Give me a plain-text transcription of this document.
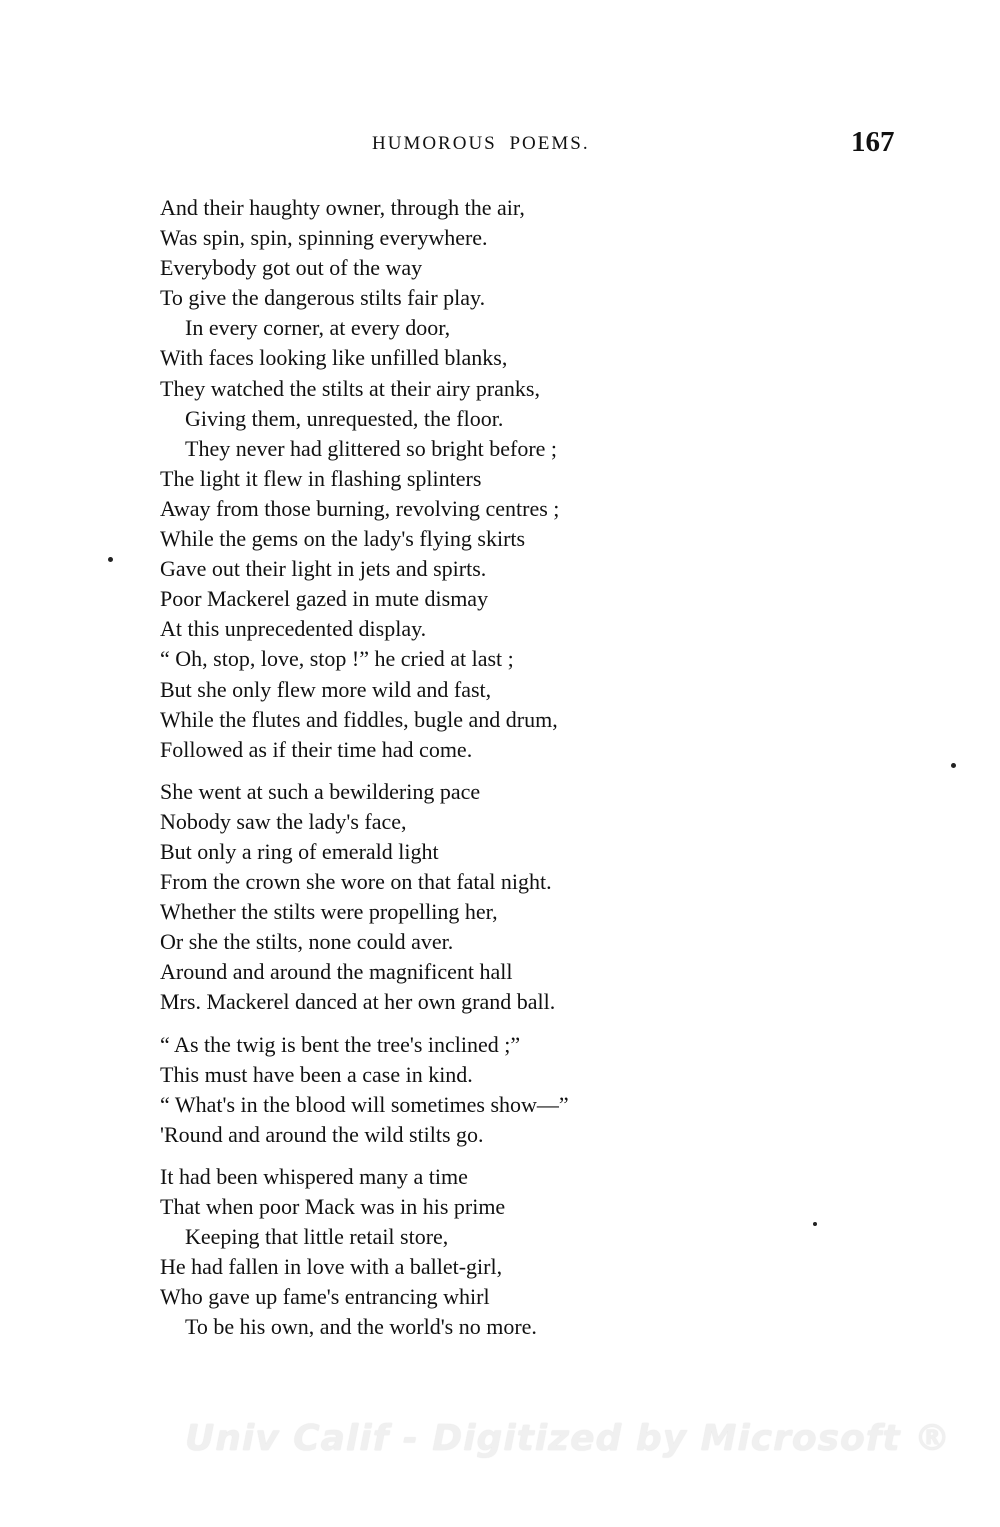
HUMOROUS POEMS.	167
And their haughty owner, through the air,
Was spin, spin, spinning everywhere.
Everybody got out of the way
To give the dangerous stilts fair play.
In every corner, at every door,
With faces looking like unfilled blanks,
They watched the stilts at their airy pranks,
Giving them, unrequested, the floor.
They never had glittered so bright before ;
The light it flew in flashing splinters
Away from those burning, revolving centres ;
While the gems on the lady's flying skirts
Gave out their light in jets and spirts.
Poor Mackerel gazed in mute dismay
At this unprecedented display.
“ Oh, stop, love, stop !” he cried at last ;
But she only flew more wild and fast,
While the flutes and fiddles, bugle and drum,
Followed as if their time had come.
She went at such a bewildering pace
Nobody saw the lady's face,
But only a ring of emerald light
From the crown she wore on that fatal night.
Whether the stilts were propelling her,
Or she the stilts, none could aver.
Around and around the magnificent hall
Mrs. Mackerel danced at her own grand ball.
“ As the twig is bent the tree's inclined ;”
This must have been a case in kind.
“ What's in the blood will sometimes show—”
'Round and around the wild stilts go.
It had been whispered many a time
That when poor Mack was in his prime
Keeping that little retail store,
He had fallen in love with a ballet-girl,
Who gave up fame's entrancing whirl
To be his own, and the world's no more.
Univ Calif - Digitized by Microsoft ®
